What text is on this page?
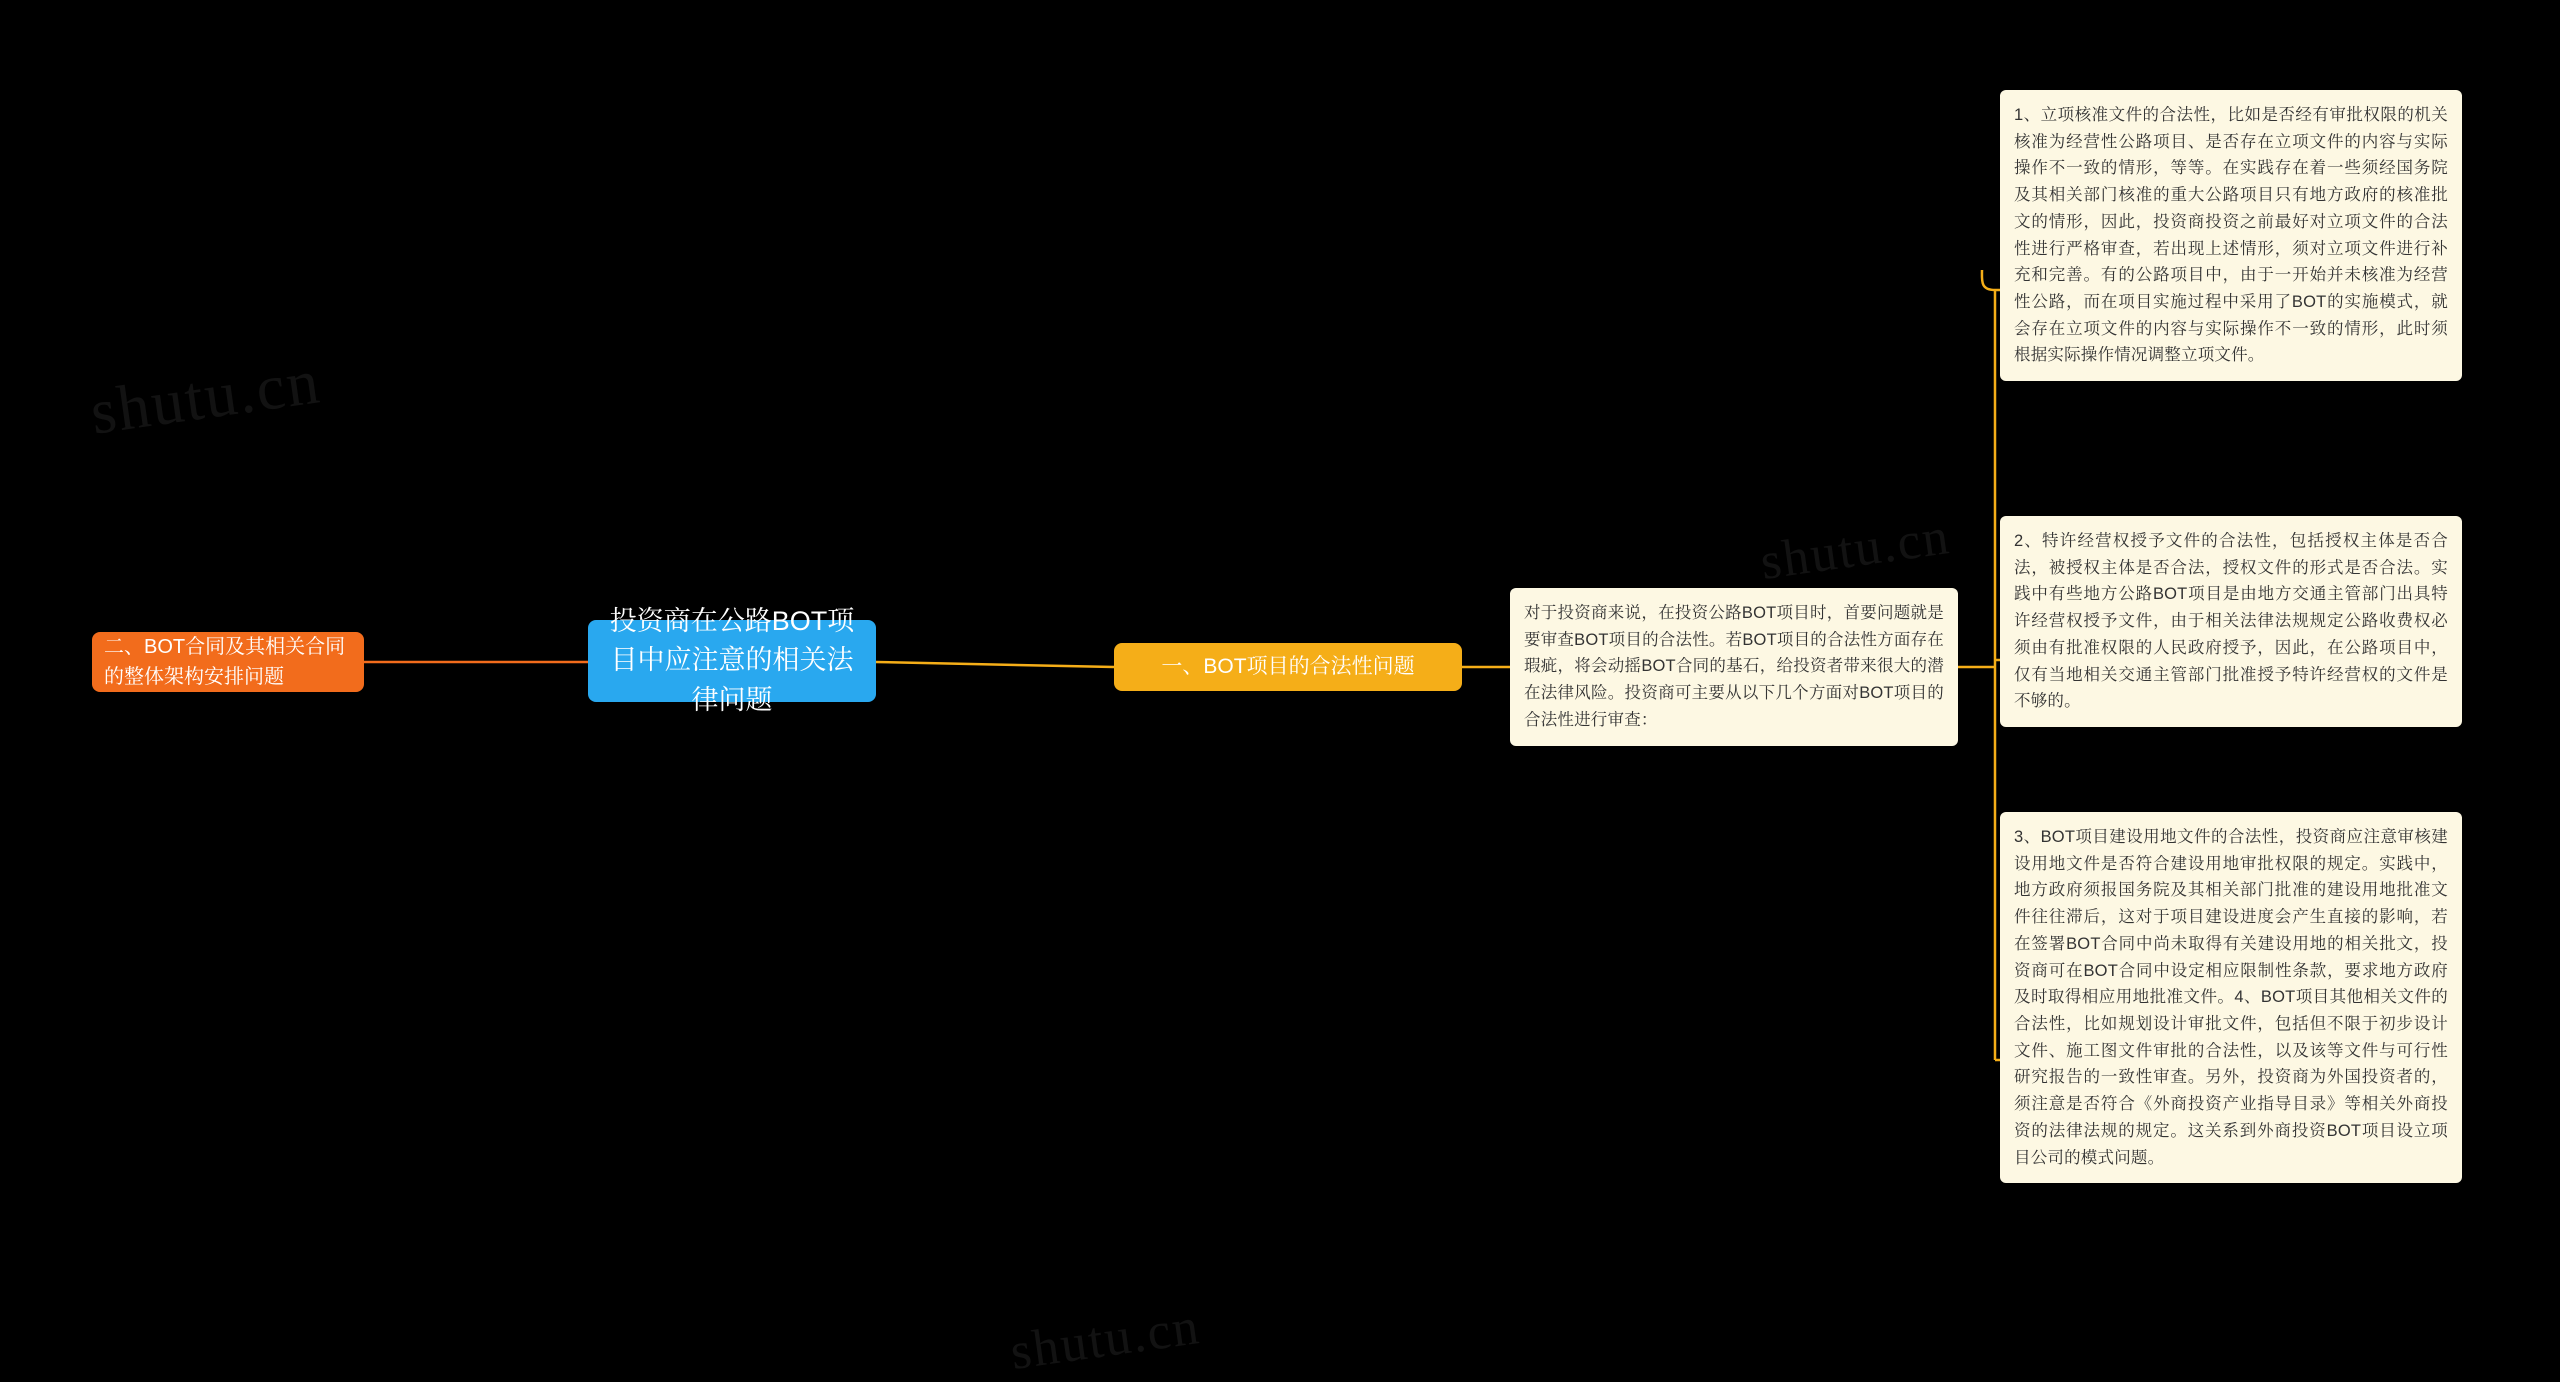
shutu.cn
shutu.cn
shutu.cn
投资商在公路BOT项目中应注意的相关法律问题
二、BOT合同及其相关合同的整体架构安排问题	一、BOT项目的合法性问题
对于投资商来说，在投资公路BOT项目时，首要问题就是要审查BOT项目的合法性。若BOT项目的合法性方面存在瑕疵，将会动摇BOT合同的基石，给投资者带来很大的潜在法律风险。投资商可主要从以下几个方面对BOT项目的合法性进行审查：
1、立项核准文件的合法性，比如是否经有审批权限的机关核准为经营性公路项目、是否存在立项文件的内容与实际操作不一致的情形，等等。在实践存在着一些须经国务院及其相关部门核准的重大公路项目只有地方政府的核准批文的情形，因此，投资商投资之前最好对立项文件的合法性进行严格审查，若出现上述情形，须对立项文件进行补充和完善。有的公路项目中，由于一开始并未核准为经营性公路，而在项目实施过程中采用了BOT的实施模式，就会存在立项文件的内容与实际操作不一致的情形，此时须根据实际操作情况调整立项文件。
2、特许经营权授予文件的合法性，包括授权主体是否合法，被授权主体是否合法，授权文件的形式是否合法。实践中有些地方公路BOT项目是由地方交通主管部门出具特许经营权授予文件，由于相关法律法规规定公路收费权必须由有批准权限的人民政府授予，因此，在公路项目中，仅有当地相关交通主管部门批准授予特许经营权的文件是不够的。
3、BOT项目建设用地文件的合法性，投资商应注意审核建设用地文件是否符合建设用地审批权限的规定。实践中，地方政府须报国务院及其相关部门批准的建设用地批准文件往往滞后，这对于项目建设进度会产生直接的影响，若在签署BOT合同中尚未取得有关建设用地的相关批文，投资商可在BOT合同中设定相应限制性条款，要求地方政府及时取得相应用地批准文件。4、BOT项目其他相关文件的合法性，比如规划设计审批文件，包括但不限于初步设计文件、施工图文件审批的合法性，以及该等文件与可行性研究报告的一致性审查。另外，投资商为外国投资者的，须注意是否符合《外商投资产业指导目录》等相关外商投资的法律法规的规定。这关系到外商投资BOT项目设立项目公司的模式问题。
